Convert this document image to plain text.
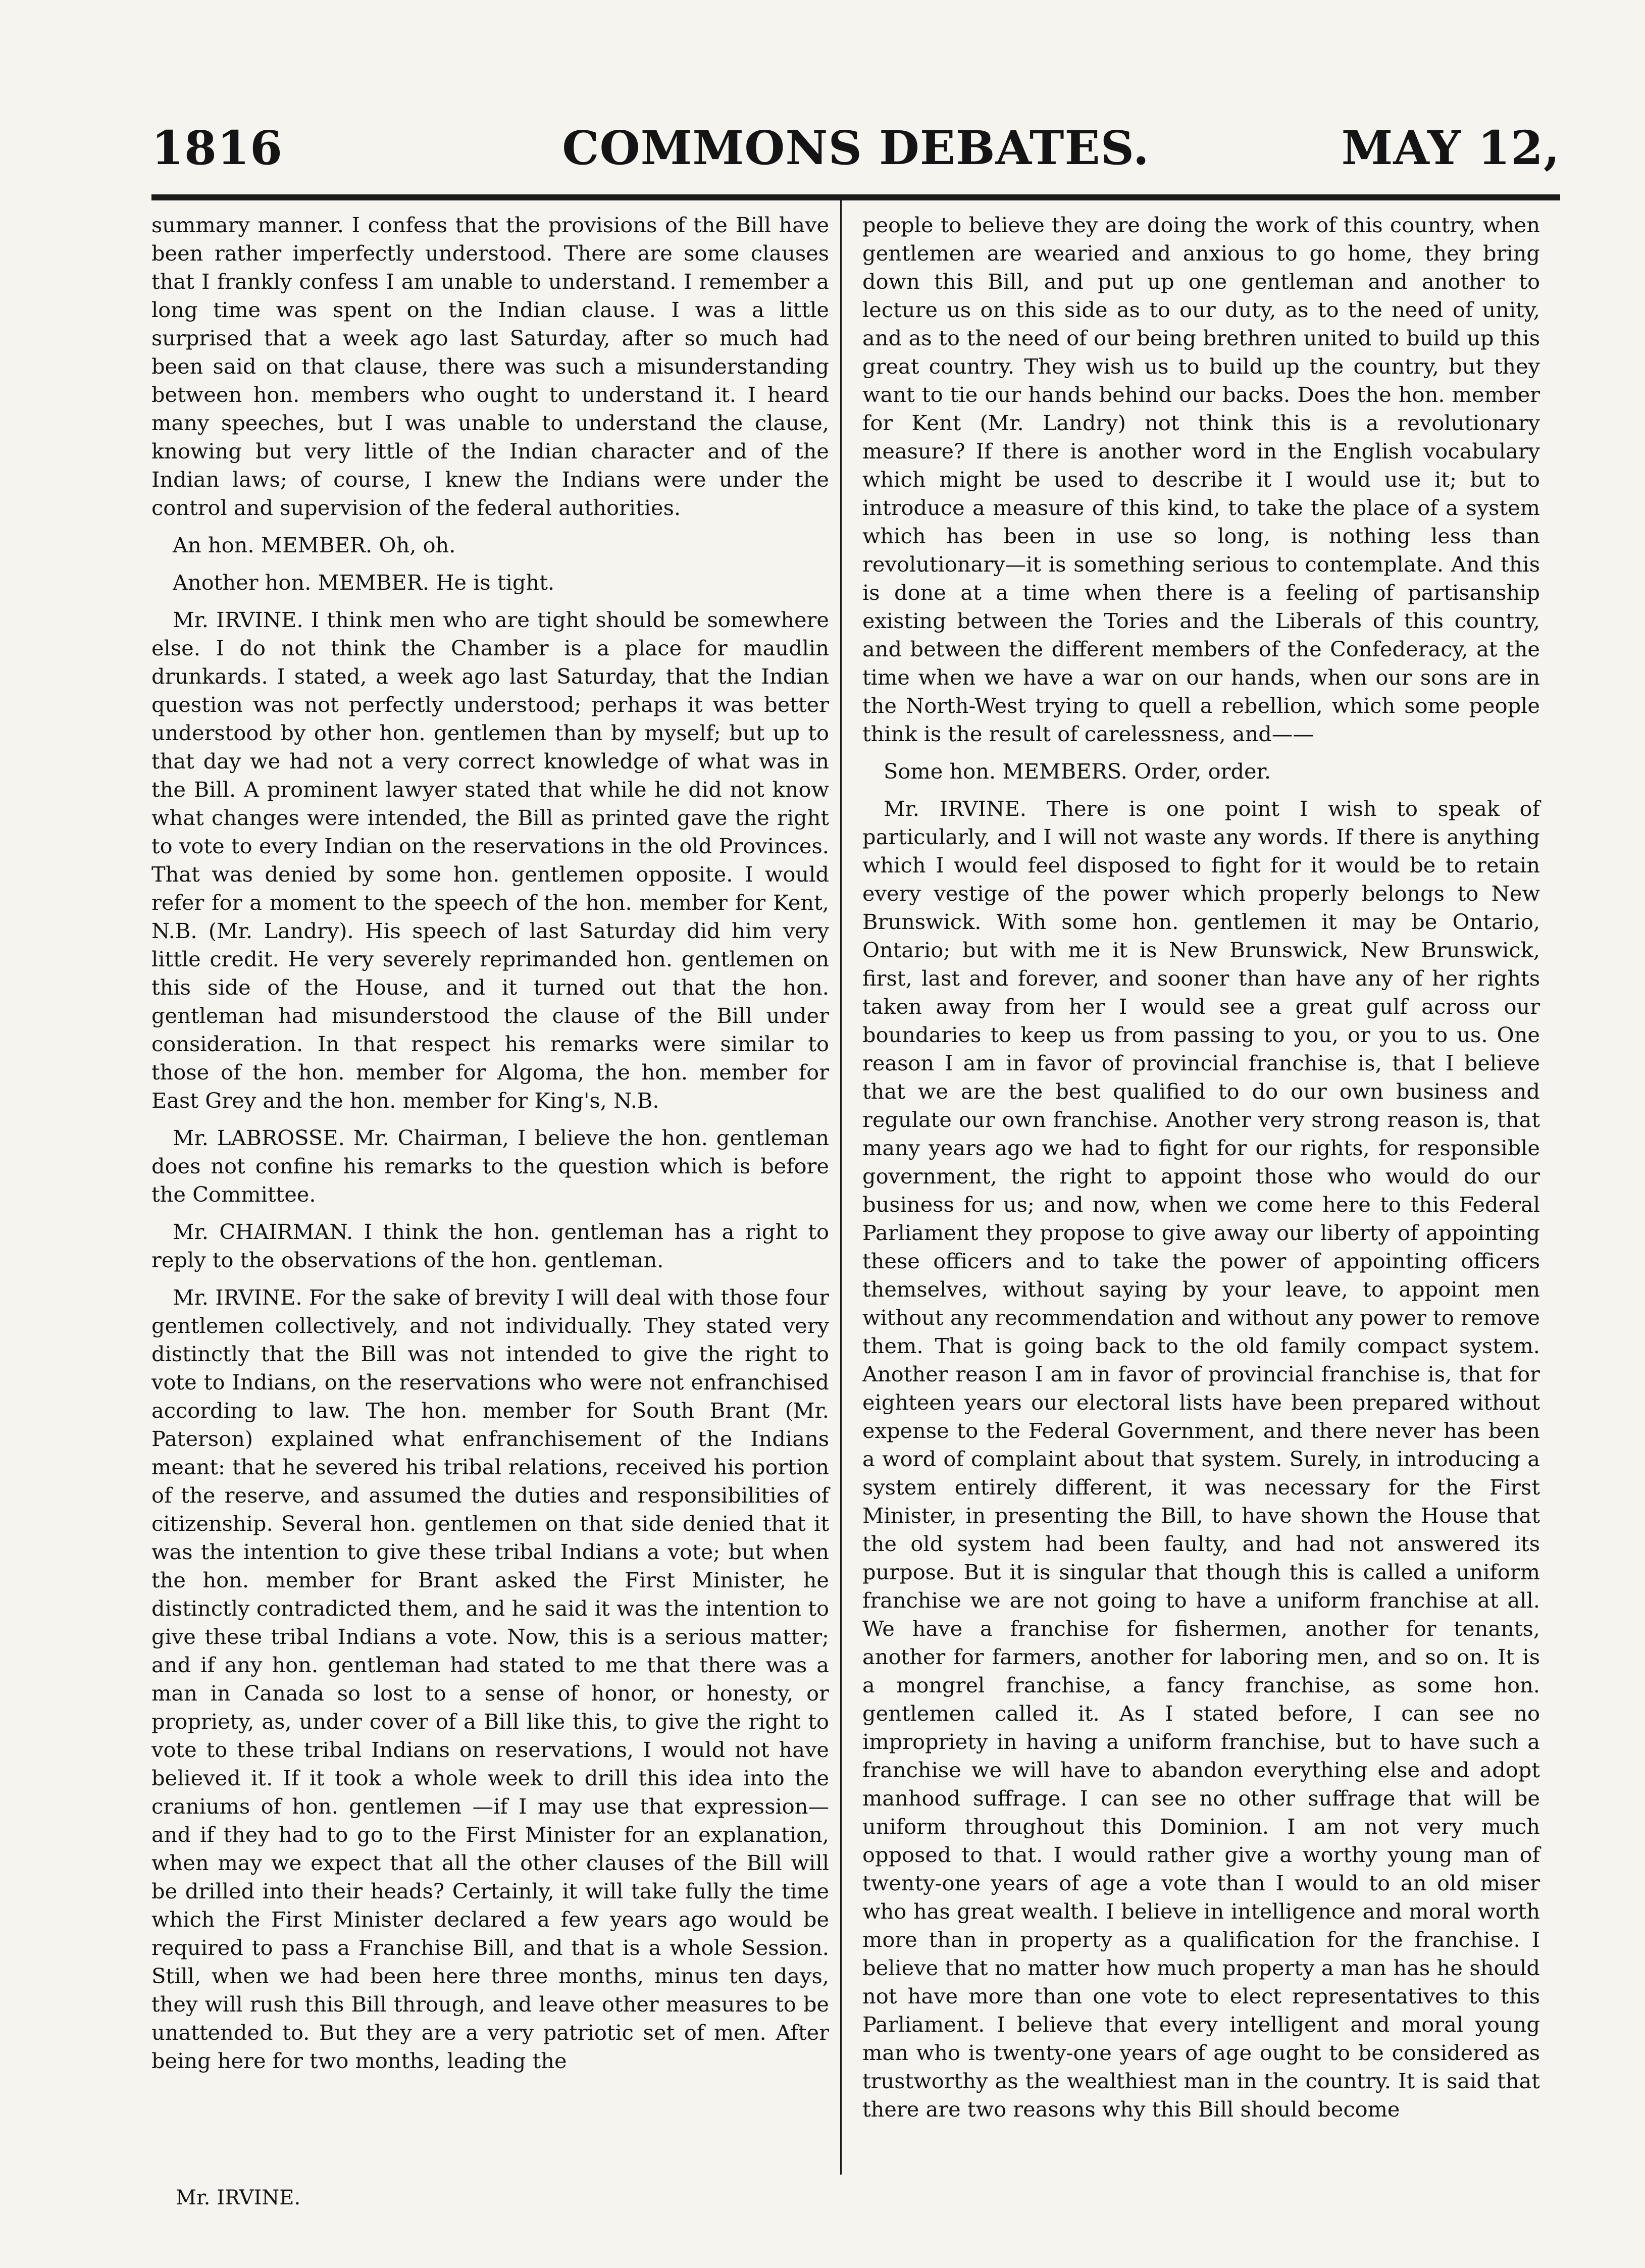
1816	COMMONS DEBATES.	MAY 12,

summary manner. I confess that the provisions of the Bill have been rather imperfectly understood. There are some clauses that I frankly confess I am unable to understand. I remember a long time was spent on the Indian clause. I was a little surprised that a week ago last Saturday, after so much had been said on that clause, there was such a misunderstanding between hon. members who ought to understand it. I heard many speeches, but I was unable to understand the clause, knowing but very little of the Indian character and of the Indian laws; of course, I knew the Indians were under the control and supervision of the federal authorities.

An hon. MEMBER. Oh, oh.

Another hon. MEMBER. He is tight.

Mr. IRVINE. I think men who are tight should be somewhere else. I do not think the Chamber is a place for maudlin drunkards. I stated, a week ago last Saturday, that the Indian question was not perfectly understood; perhaps it was better understood by other hon. gentlemen than by myself; but up to that day we had not a very correct knowledge of what was in the Bill. A prominent lawyer stated that while he did not know what changes were intended, the Bill as printed gave the right to vote to every Indian on the reservations in the old Provinces. That was denied by some hon. gentlemen opposite. I would refer for a moment to the speech of the hon. member for Kent, N.B. (Mr. Landry). His speech of last Saturday did him very little credit. He very severely reprimanded hon. gentlemen on this side of the House, and it turned out that the hon. gentleman had misunderstood the clause of the Bill under consideration. In that respect his remarks were similar to those of the hon. member for Algoma, the hon. member for East Grey and the hon. member for King's, N.B.

Mr. LABROSSE. Mr. Chairman, I believe the hon. gentleman does not confine his remarks to the question which is before the Committee.

Mr. CHAIRMAN. I think the hon. gentleman has a right to reply to the observations of the hon. gentleman.

Mr. IRVINE. For the sake of brevity I will deal with those four gentlemen collectively, and not individually. They stated very distinctly that the Bill was not intended to give the right to vote to Indians, on the reservations who were not enfranchised according to law. The hon. member for South Brant (Mr. Paterson) explained what enfranchisement of the Indians meant: that he severed his tribal relations, received his portion of the reserve, and assumed the duties and responsibilities of citizenship. Several hon. gentlemen on that side denied that it was the intention to give these tribal Indians a vote; but when the hon. member for Brant asked the First Minister, he distinctly contradicted them, and he said it was the intention to give these tribal Indians a vote. Now, this is a serious matter; and if any hon. gentleman had stated to me that there was a man in Canada so lost to a sense of honor, or honesty, or propriety, as, under cover of a Bill like this, to give the right to vote to these tribal Indians on reservations, I would not have believed it. If it took a whole week to drill this idea into the craniums of hon. gentlemen —if I may use that expression—and if they had to go to the First Minister for an explanation, when may we expect that all the other clauses of the Bill will be drilled into their heads? Certainly, it will take fully the time which the First Minister declared a few years ago would be required to pass a Franchise Bill, and that is a whole Session. Still, when we had been here three months, minus ten days, they will rush this Bill through, and leave other measures to be unattended to. But they are a very patriotic set of men. After being here for two months, leading the

people to believe they are doing the work of this country, when gentlemen are wearied and anxious to go home, they bring down this Bill, and put up one gentleman and another to lecture us on this side as to our duty, as to the need of unity, and as to the need of our being brethren united to build up this great country. They wish us to build up the country, but they want to tie our hands behind our backs. Does the hon. member for Kent (Mr. Landry) not think this is a revolutionary measure? If there is another word in the English vocabulary which might be used to describe it I would use it; but to introduce a measure of this kind, to take the place of a system which has been in use so long, is nothing less than revolutionary—it is something serious to contemplate. And this is done at a time when there is a feeling of partisanship existing between the Tories and the Liberals of this country, and between the different members of the Confederacy, at the time when we have a war on our hands, when our sons are in the North-West trying to quell a rebellion, which some people think is the result of carelessness, and——

Some hon. MEMBERS. Order, order.

Mr. IRVINE. There is one point I wish to speak of particularly, and I will not waste any words. If there is anything which I would feel disposed to fight for it would be to retain every vestige of the power which properly belongs to New Brunswick. With some hon. gentlemen it may be Ontario, Ontario; but with me it is New Brunswick, New Brunswick, first, last and forever, and sooner than have any of her rights taken away from her I would see a great gulf across our boundaries to keep us from passing to you, or you to us. One reason I am in favor of provincial franchise is, that I believe that we are the best qualified to do our own business and regulate our own franchise. Another very strong reason is, that many years ago we had to fight for our rights, for responsible government, the right to appoint those who would do our business for us; and now, when we come here to this Federal Parliament they propose to give away our liberty of appointing these officers and to take the power of appointing officers themselves, without saying by your leave, to appoint men without any recommendation and without any power to remove them. That is going back to the old family compact system. Another reason I am in favor of provincial franchise is, that for eighteen years our electoral lists have been prepared without expense to the Federal Government, and there never has been a word of complaint about that system. Surely, in introducing a system entirely different, it was necessary for the First Minister, in presenting the Bill, to have shown the House that the old system had been faulty, and had not answered its purpose. But it is singular that though this is called a uniform franchise we are not going to have a uniform franchise at all. We have a franchise for fishermen, another for tenants, another for farmers, another for laboring men, and so on. It is a mongrel franchise, a fancy franchise, as some hon. gentlemen called it. As I stated before, I can see no impropriety in having a uniform franchise, but to have such a franchise we will have to abandon everything else and adopt manhood suffrage. I can see no other suffrage that will be uniform throughout this Dominion. I am not very much opposed to that. I would rather give a worthy young man of twenty-one years of age a vote than I would to an old miser who has great wealth. I believe in intelligence and moral worth more than in property as a qualification for the franchise. I believe that no matter how much property a man has he should not have more than one vote to elect representatives to this Parliament. I believe that every intelligent and moral young man who is twenty-one years of age ought to be considered as trustworthy as the wealthiest man in the country. It is said that there are two reasons why this Bill should become

Mr. IRVINE.
